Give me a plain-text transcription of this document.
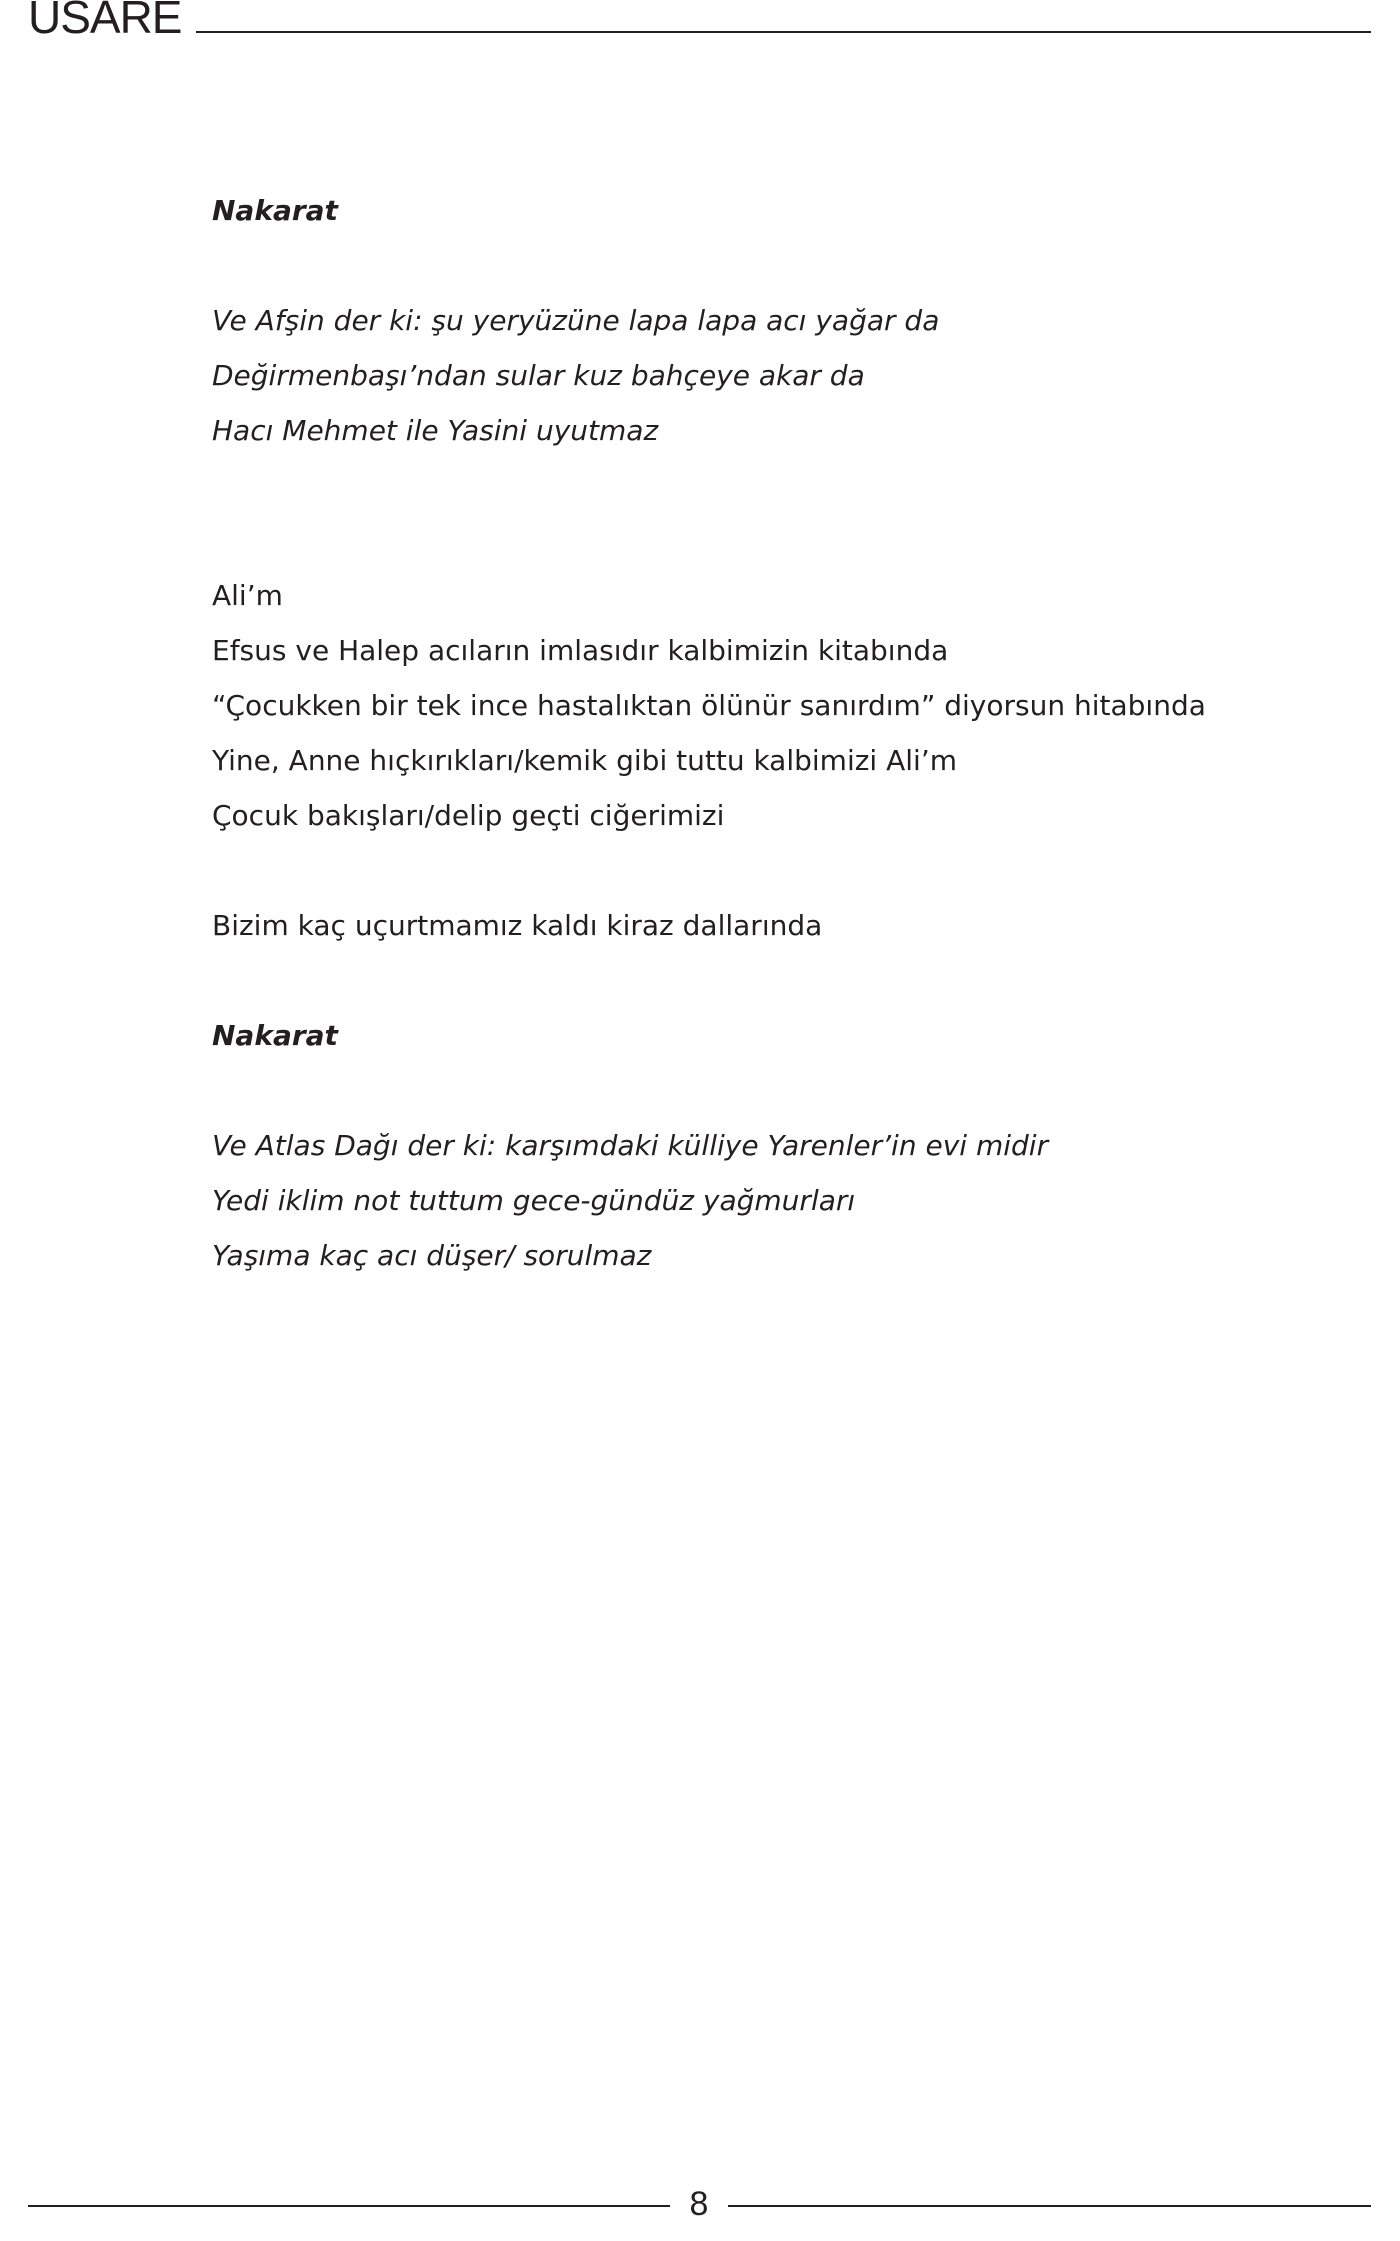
USARE
Nakarat
Ve Afşin der ki: şu yeryüzüne lapa lapa acı yağar da
Değirmenbaşı’ndan sular kuz bahçeye akar da
Hacı Mehmet ile Yasini uyutmaz
Ali’m
Efsus ve Halep acıların imlasıdır kalbimizin kitabında
“Çocukken bir tek ince hastalıktan ölünür sanırdım” diyorsun hitabında
Yine, Anne hıçkırıkları/kemik gibi tuttu kalbimizi Ali’m
Çocuk bakışları/delip geçti ciğerimizi
Bizim kaç uçurtmamız kaldı kiraz dallarında
Nakarat
Ve Atlas Dağı der ki: karşımdaki külliye Yarenler’in evi midir
Yedi iklim not tuttum gece-gündüz yağmurları
Yaşıma kaç acı düşer/ sorulmaz
8
